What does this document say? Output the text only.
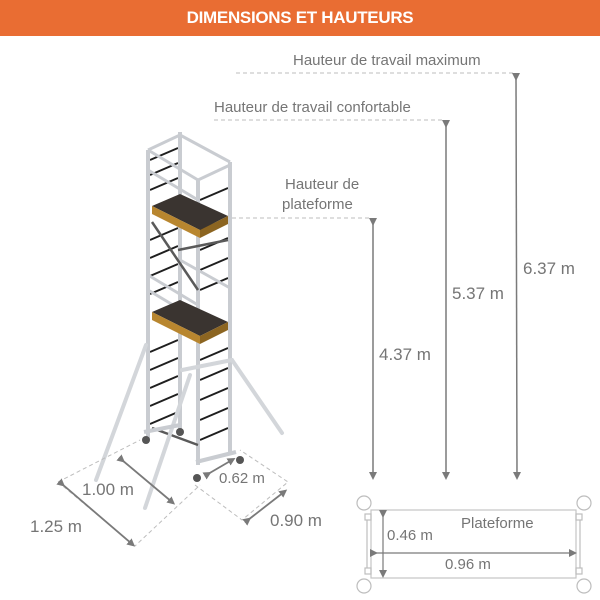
DIMENSIONS ET HAUTEURS
Hauteur de travail maximum
Hauteur de travail confortable
Hauteur de
plateforme
4.37 m
5.37 m
6.37 m
1.00 m
1.25 m
0.62 m
0.90 m	Plateforme
0.46 m
0.96 m
